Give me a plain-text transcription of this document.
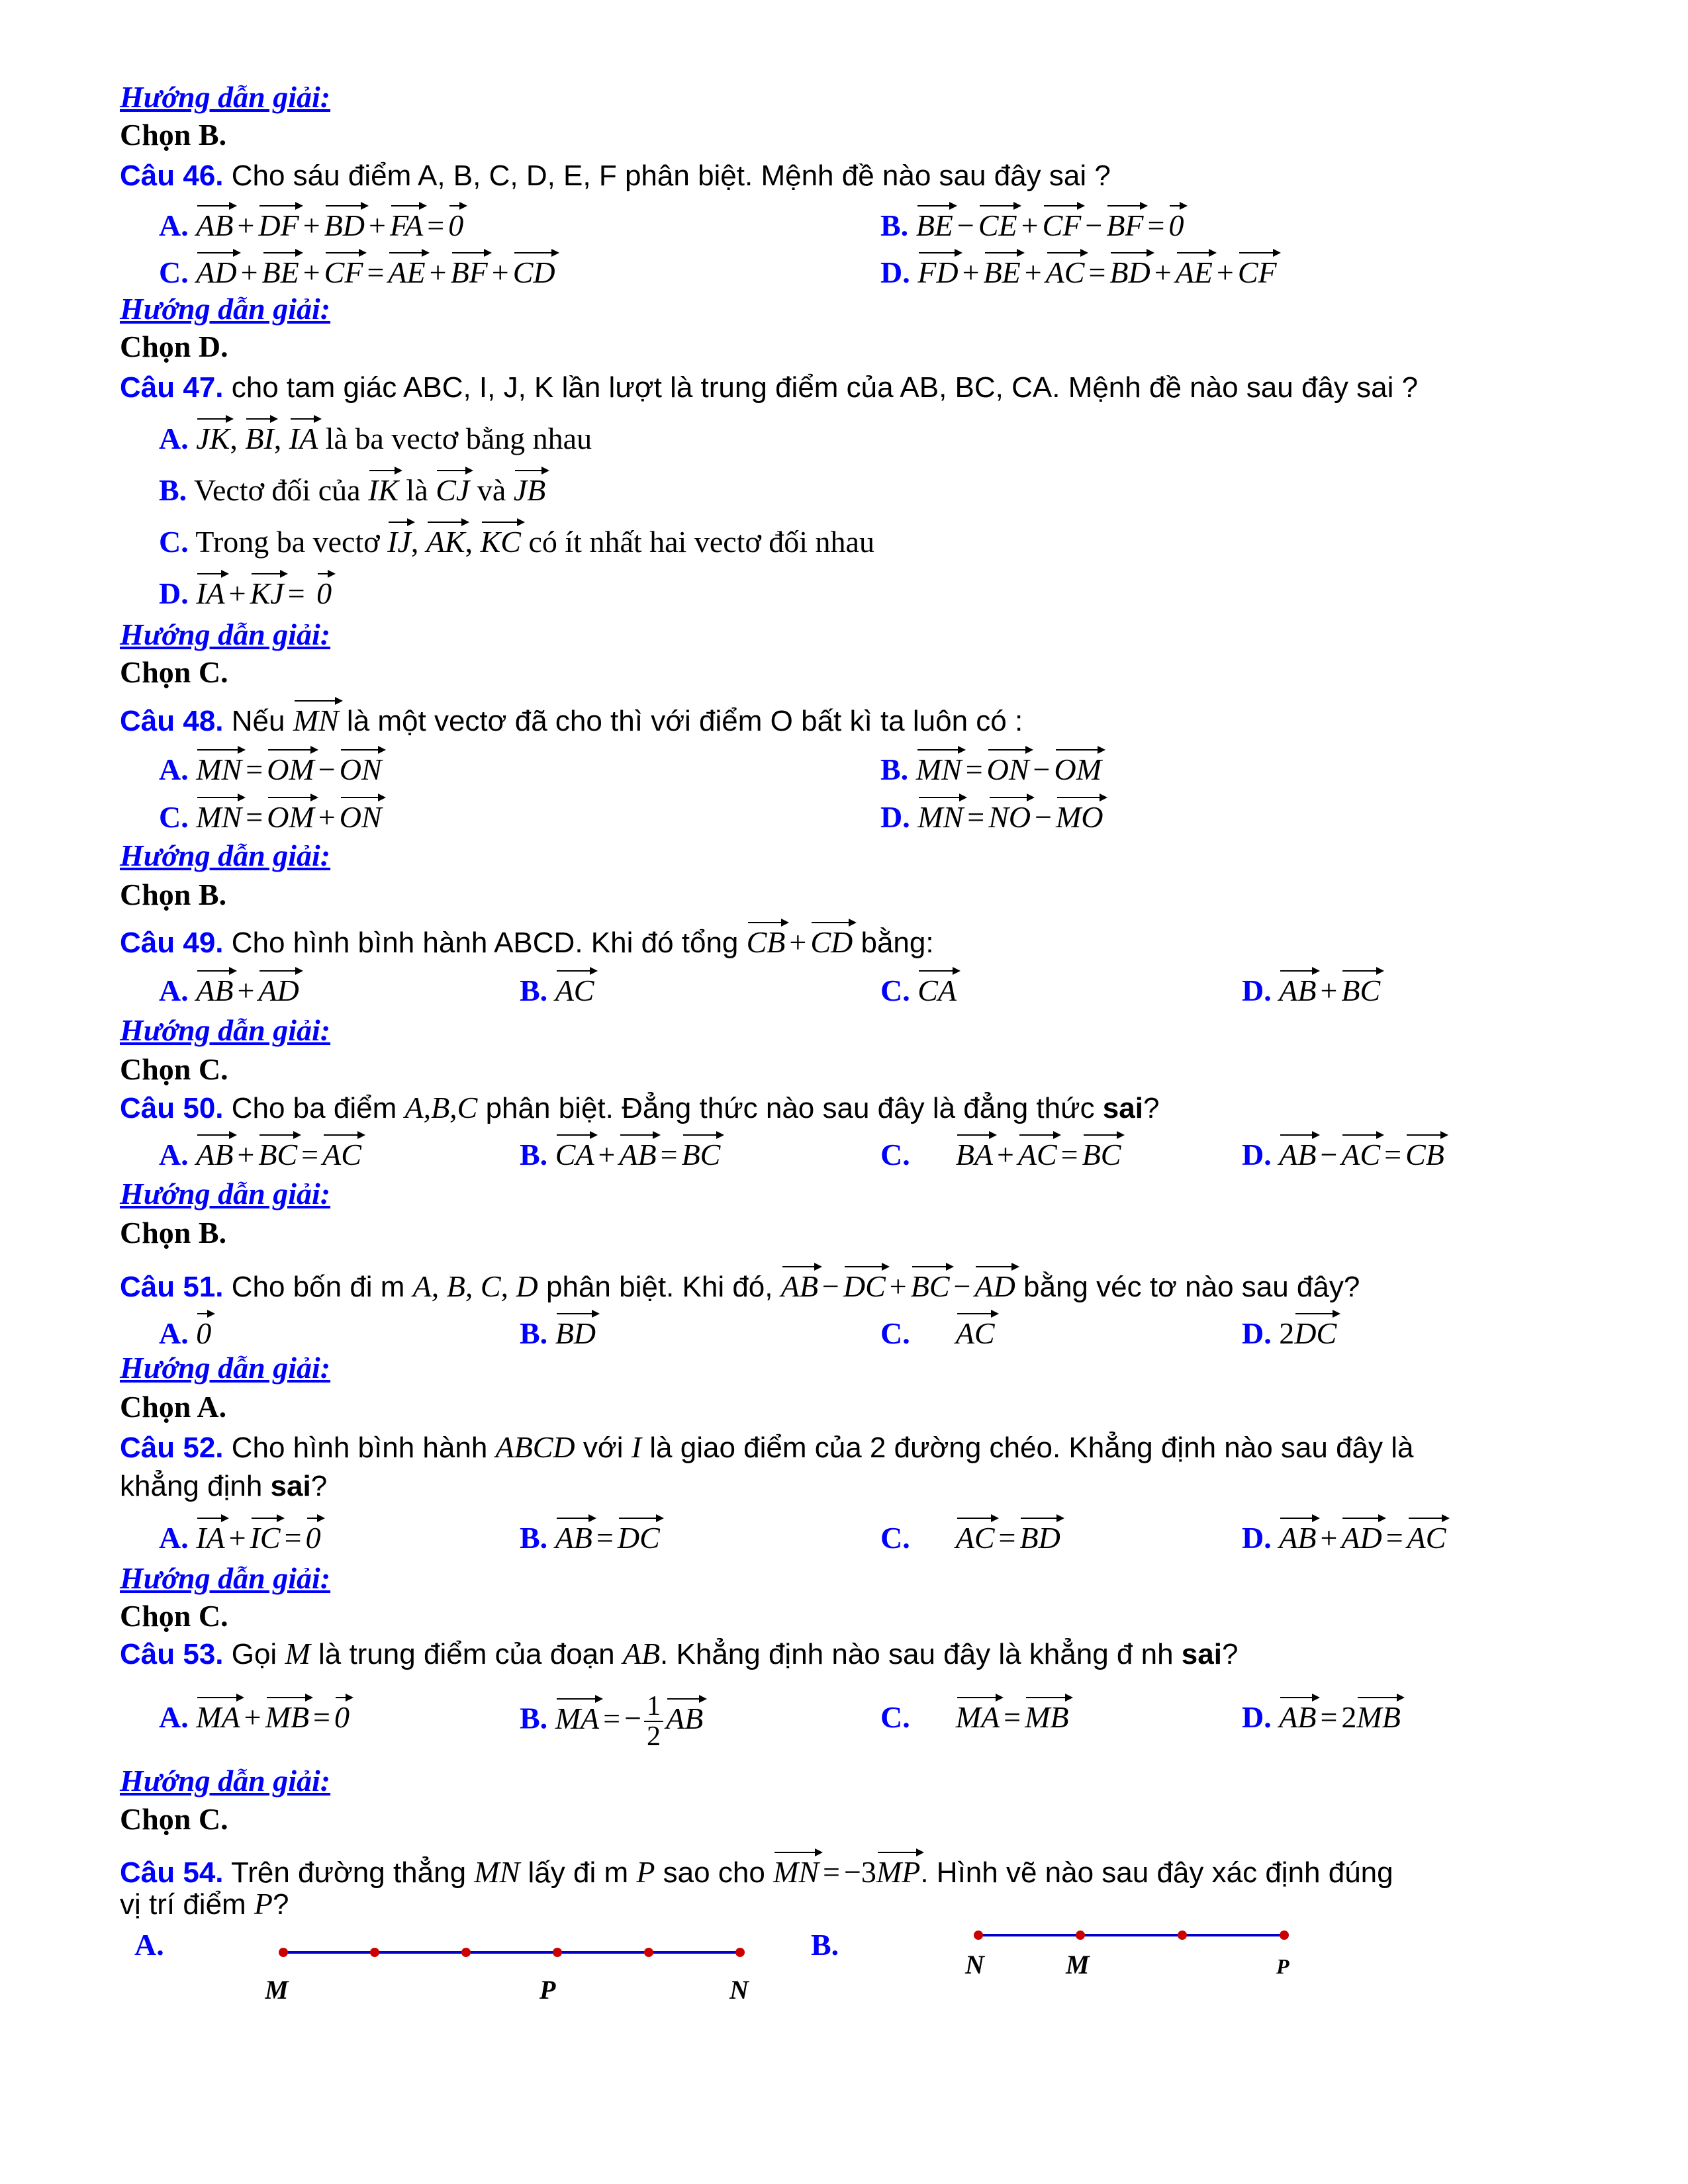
Hướng dẫn giải:
Chọn B.
Câu 46. Cho sáu điểm A, B, C, D, E, F phân biệt. Mệnh đề nào sau đây sai ?
A. AB + DF + BD + FA = 0	B. BE − CE + CF − BF = 0
C. AD + BE + CF = AE + BF + CD	D. FD + BE + AC = BD + AE + CF
Hướng dẫn giải:
Chọn D.
Câu 47. cho tam giác ABC, I, J, K lần lượt là trung điểm của AB, BC, CA. Mệnh đề nào sau đây sai ?
A. JK, BI, IA là ba vectơ bằng nhau
B. Vectơ đối của IK là CJ và JB
C. Trong ba vectơ IJ, AK, KC có ít nhất hai vectơ đối nhau
D. IA + KJ = 0
Hướng dẫn giải:
Chọn C.
Câu 48. Nếu MN là một vectơ đã cho thì với điểm O bất kì ta luôn có :
A. MN = OM − ON	B. MN = ON − OM
C. MN = OM + ON	D. MN = NO − MO
Hướng dẫn giải:
Chọn B.
Câu 49. Cho hình bình hành ABCD. Khi đó tổng CB + CD bằng:
A. AB + AD	B. AC	C. CA	D. AB + BC
Hướng dẫn giải:
Chọn C.
Câu 50. Cho ba điểm A,B,C phân biệt. Đẳng thức nào sau đây là đẳng thức sai?
A. AB + BC = AC	B. CA + AB = BC	C. BA + AC = BC	D. AB − AC = CB
Hướng dẫn giải:
Chọn B.
Câu 51. Cho bốn đi m A, B, C, D phân biệt. Khi đó, AB − DC + BC − AD bằng véc tơ nào sau đây?
A. 0	B. BD	C. AC	D. 2DC
Hướng dẫn giải:
Chọn A.
Câu 52. Cho hình bình hành ABCD với I là giao điểm của 2 đường chéo. Khẳng định nào sau đây là
khẳng định sai?
A. IA + IC = 0	B. AB = DC	C. AC = BD	D. AB + AD = AC
Hướng dẫn giải:
Chọn C.
Câu 53. Gọi M là trung điểm của đoạn AB. Khẳng định nào sau đây là khẳng đ nh sai?
A. MA + MB = 0	B. MA = − $\frac{1}{2}$ AB	C. MA = MB	D. AB = 2MB
Hướng dẫn giải:
Chọn C.
Câu 54. Trên đường thẳng MN lấy đi m P sao cho MN = −3MP. Hình vẽ nào sau đây xác định đúng
vị trí điểm P?
A.	B.
M	P	N
N	M	P
